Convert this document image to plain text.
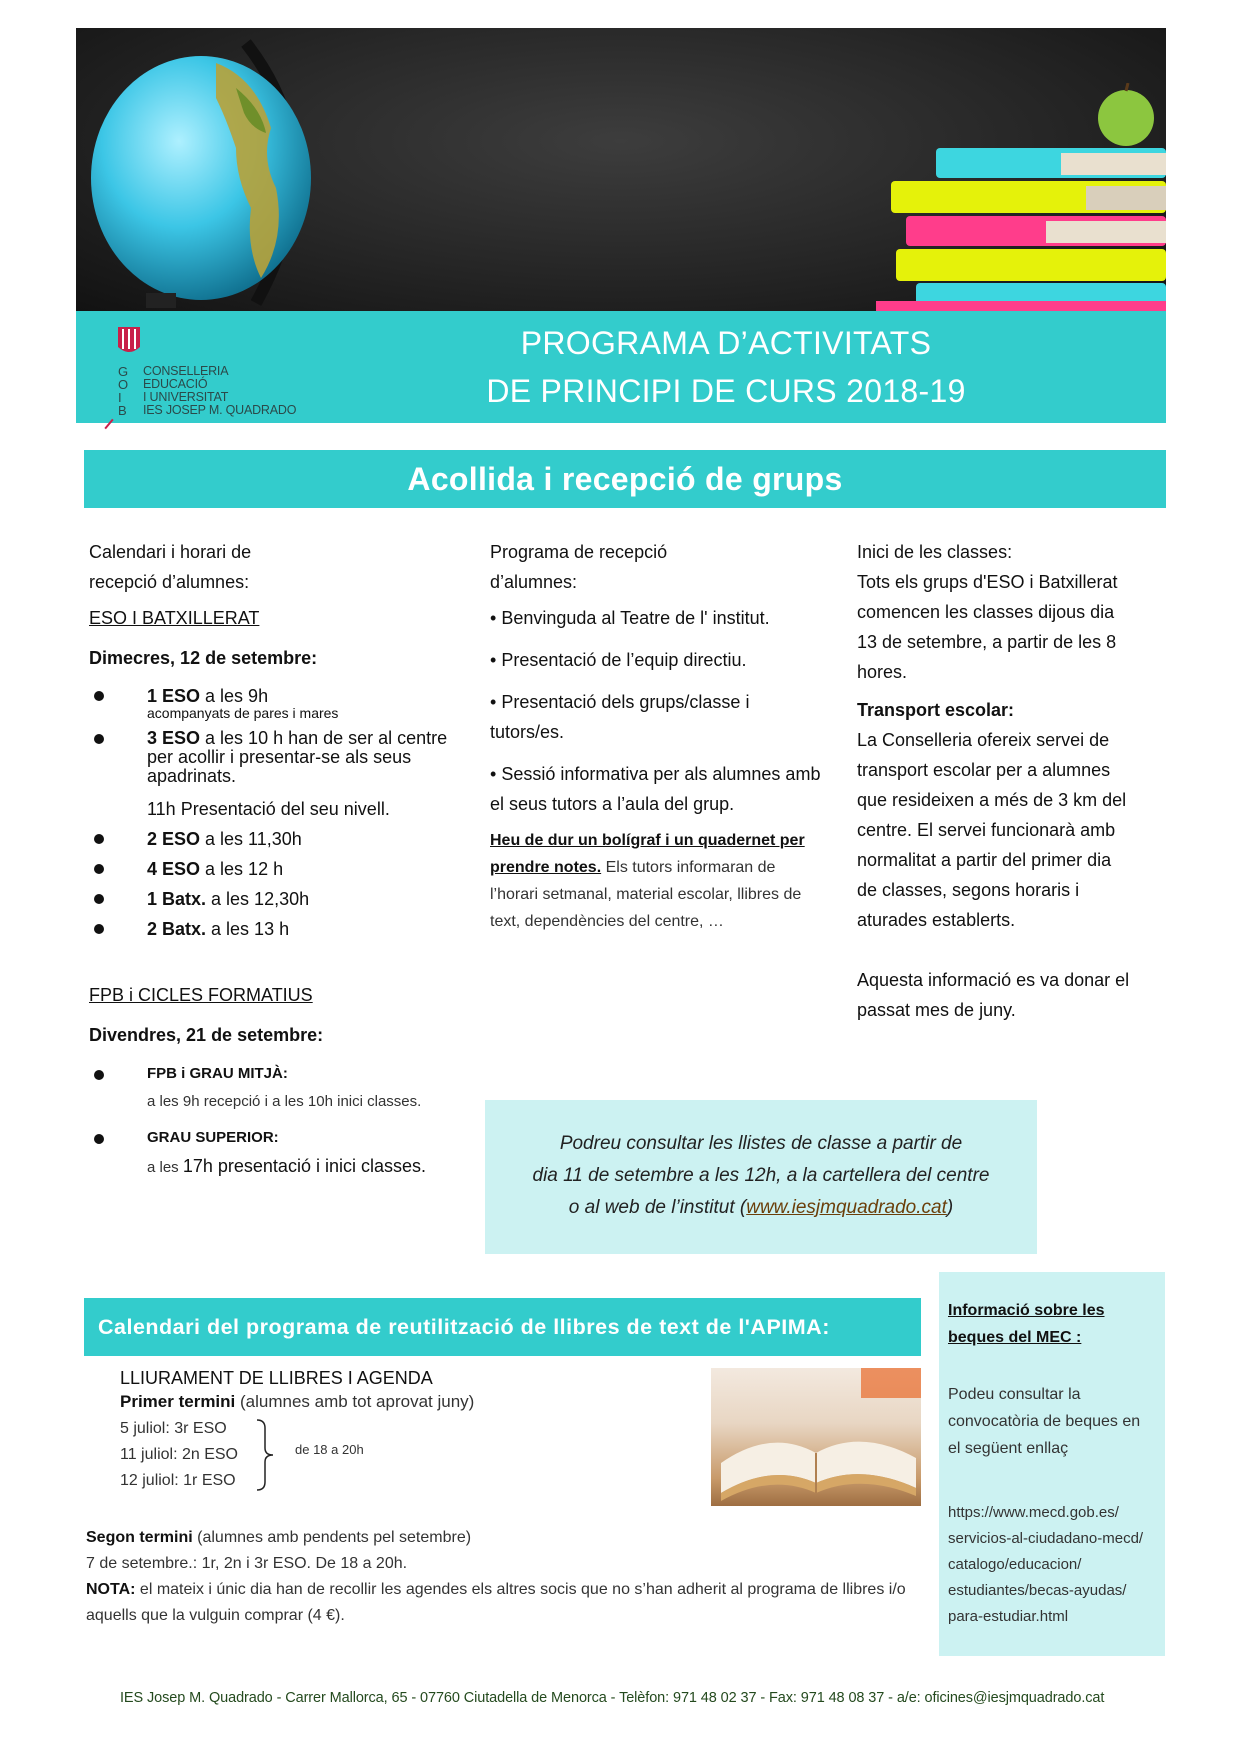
G
O
I
B
CONSELLERIA
EDUCACIÓ
I UNIVERSITAT
IES JOSEP M. QUADRADO
PROGRAMA D’ACTIVITATS
DE PRINCIPI DE CURS 2018-19
Acollida i recepció de grups
Calendari i horari de
recepció d’alumnes:
ESO I BATXILLERAT
Dimecres, 12 de setembre:
1 ESO a les 9h
acompanyats de pares i mares
3 ESO a les 10 h han de ser al centre per acollir i presentar-se als seus apadrinats.
11h Presentació del seu nivell.
2 ESO a les 11,30h
4 ESO a les 12 h
1 Batx. a les 12,30h
2 Batx. a les 13 h
FPB i CICLES FORMATIUS
Divendres, 21 de setembre:
FPB i GRAU MITJÀ:
a les 9h recepció i a les 10h inici classes.
GRAU SUPERIOR:
a les 17h presentació i inici classes.
Programa de recepció
d’alumnes:
• Benvinguda al Teatre de l' institut.
• Presentació de l’equip directiu.
• Presentació dels grups/classe i tutors/es.
• Sessió informativa per als alumnes amb el seus tutors a l’aula del grup.
Heu de dur un bolígraf i un quadernet per prendre notes. Els tutors informaran de l’horari setmanal, material escolar, llibres de text, dependències del centre, …
Inici de les classes:
Tots els grups d'ESO i Batxillerat comencen les classes dijous dia 13 de setembre, a partir de les 8 hores.
Transport escolar:
La Conselleria ofereix servei de transport escolar per a alumnes que resideixen a més de 3 km del centre. El servei funcionarà amb normalitat a partir del primer dia de classes, segons horaris i aturades establerts.
Aquesta informació es va donar el passat mes de juny.

Podreu consultar les llistes de classe a partir de
dia 11 de setembre a les 12h, a la cartellera del centre
o al web de l’institut (www.iesjmquadrado.cat)

Calendari del programa de reutilització de llibres de text de l'APIMA:
Informació sobre les beques del MEC :
Podeu consultar la convocatòria de beques en el següent enllaç
https://www.mecd.gob.es/
servicios-al-ciudadano-mecd/
catalogo/educacion/
estudiantes/becas-ayudas/
para-estudiar.html
LLIURAMENT DE LLIBRES I AGENDA
Primer termini (alumnes amb tot aprovat juny)
5 juliol: 3r ESO
11 juliol: 2n ESO
12 juliol: 1r ESO
de 18 a 20h
Segon termini (alumnes amb pendents pel setembre)
7 de setembre.: 1r, 2n i 3r ESO. De 18 a 20h.
NOTA: el mateix i únic dia han de recollir les agendes els altres socis que no s’han adherit al programa de llibres i/o aquells que la vulguin comprar (4 €).
IES Josep M. Quadrado - Carrer Mallorca, 65 - 07760 Ciutadella de Menorca - Telèfon: 971 48 02 37 - Fax: 971 48 08 37 - a/e: oficines@iesjmquadrado.cat
